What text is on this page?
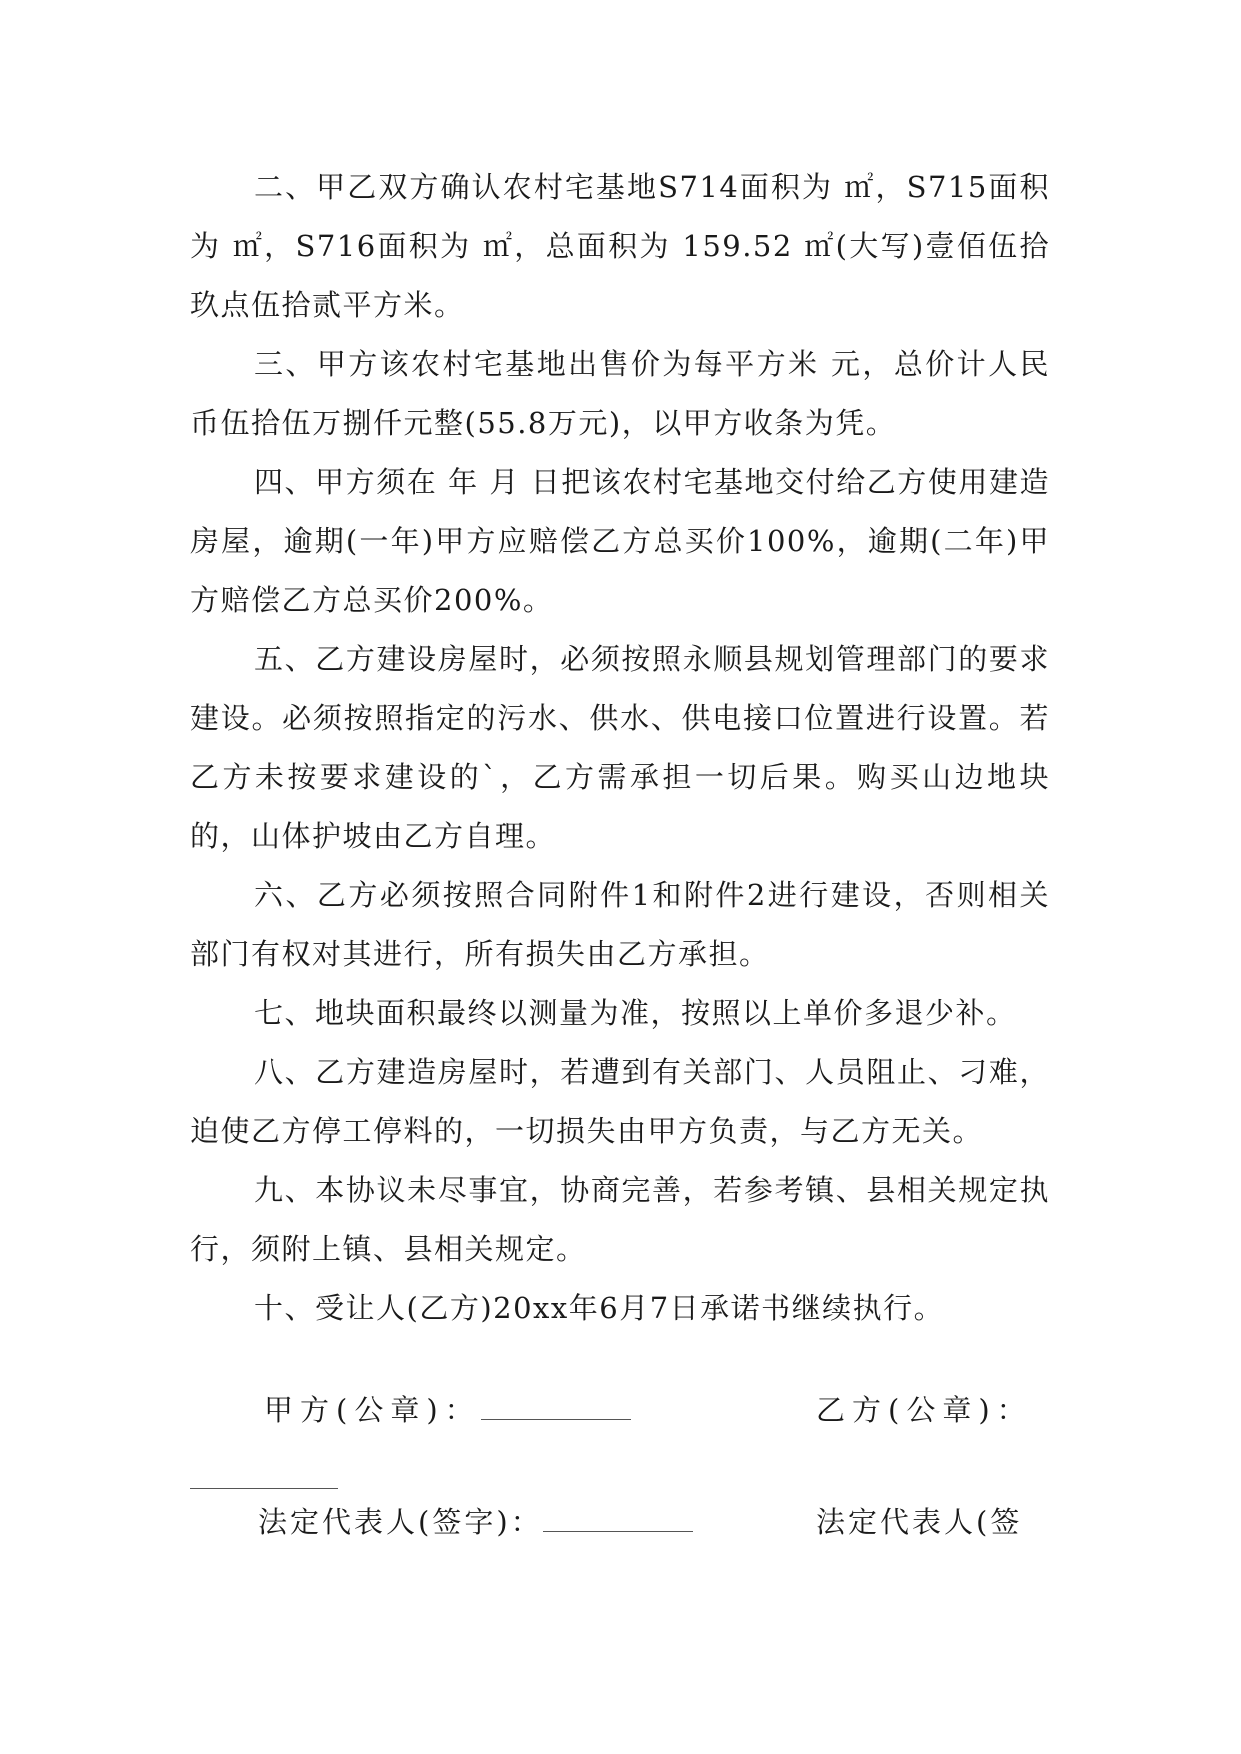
二、甲乙双方确认农村宅基地S714面积为 ㎡，S715面积为 ㎡，S716面积为 ㎡，总面积为 159.52 ㎡(大写)壹佰伍拾玖点伍拾贰平方米。

三、甲方该农村宅基地出售价为每平方米 元，总价计人民币伍拾伍万捌仟元整(55.8万元)，以甲方收条为凭。

四、甲方须在 年 月 日把该农村宅基地交付给乙方使用建造房屋，逾期(一年)甲方应赔偿乙方总买价100%，逾期(二年)甲方赔偿乙方总买价200%。

五、乙方建设房屋时，必须按照永顺县规划管理部门的要求建设。必须按照指定的污水、供水、供电接口位置进行设置。若乙方未按要求建设的`，乙方需承担一切后果。购买山边地块的，山体护坡由乙方自理。

六、乙方必须按照合同附件1和附件2进行建设，否则相关部门有权对其进行，所有损失由乙方承担。

七、地块面积最终以测量为准，按照以上单价多退少补。

八、乙方建造房屋时，若遭到有关部门、人员阻止、刁难，迫使乙方停工停料的，一切损失由甲方负责，与乙方无关。

九、本协议未尽事宜，协商完善，若参考镇、县相关规定执行，须附上镇、县相关规定。

十、受让人(乙方)20xx年6月7日承诺书继续执行。

甲方(公章)：	乙方(公章)：
法定代表人(签字)：	法定代表人(签
